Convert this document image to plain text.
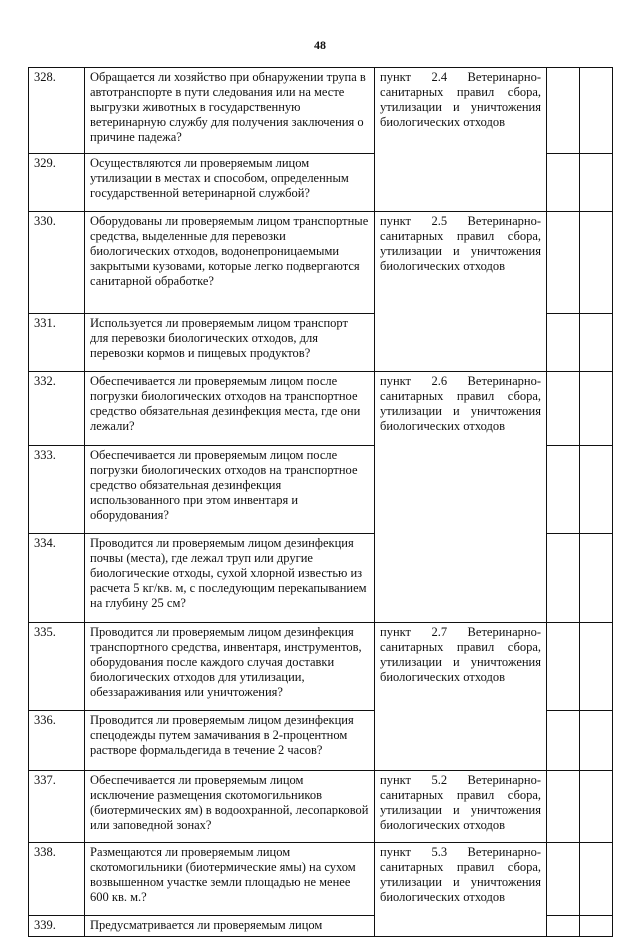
48
328.	Обращается ли хозяйство при обнаружении трупа в автотранспорте в пути следования или на месте выгрузки животных в государственную ветеринарную службу для получения заключения о причине падежа?	пункт 2.4 Ветеринарно-санитарных правил сбора, утилизации и уничтожения биологических отходов		
329.	Осуществляются ли проверяемым лицом утилизации в местах и способом, определенным государственной ветеринарной службой?			
330.	Оборудованы ли проверяемым лицом транспортные средства, выделенные для перевозки биологических отходов, водонепроницаемыми закрытыми кузовами, которые легко подвергаются санитарной обработке?	пункт 2.5 Ветеринарно-санитарных правил сбора, утилизации и уничтожения биологических отходов		
331.	Используется ли проверяемым лицом транспорт для перевозки биологических отходов, для перевозки кормов и пищевых продуктов?			
332.	Обеспечивается ли проверяемым лицом после погрузки биологических отходов на транспортное средство обязательная дезинфекция места, где они лежали?	пункт 2.6 Ветеринарно-санитарных правил сбора, утилизации и уничтожения биологических отходов		
333.	Обеспечивается ли проверяемым лицом после погрузки биологических отходов на транспортное средство обязательная дезинфекция использованного при этом инвентаря и оборудования?			
334.	Проводится ли проверяемым лицом дезинфекция почвы (места), где лежал труп или другие биологические отходы, сухой хлорной известью из расчета 5 кг/кв. м, с последующим перекапыванием на глубину 25 см?			
335.	Проводится ли проверяемым лицом дезинфекция транспортного средства, инвентаря, инструментов, оборудования после каждого случая доставки биологических отходов для утилизации, обеззараживания или уничтожения?	пункт 2.7 Ветеринарно-санитарных правил сбора, утилизации и уничтожения биологических отходов		
336.	Проводится ли проверяемым лицом дезинфекция спецодежды путем замачивания в 2-процентном растворе формальдегида в течение 2 часов?			
337.	Обеспечивается ли проверяемым лицом исключение размещения скотомогильников (биотермических ям) в водоохранной, лесопарковой или заповедной зонах?	пункт 5.2 Ветеринарно-санитарных правил сбора, утилизации и уничтожения биологических отходов		
338.	Размещаются ли проверяемым лицом скотомогильники (биотермические ямы) на сухом возвышенном участке земли площадью не менее 600 кв. м.?	пункт 5.3 Ветеринарно-санитарных правил сбора, утилизации и уничтожения биологических отходов		
339.	Предусматривается ли проверяемым лицом			
